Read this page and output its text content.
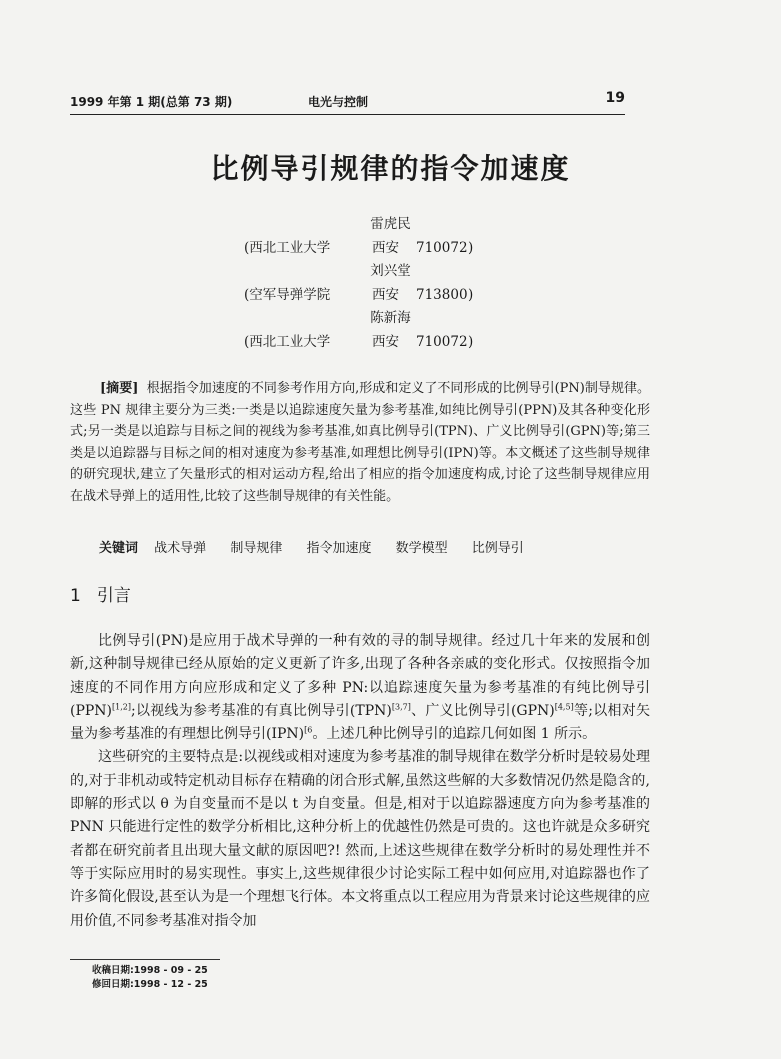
1999 年第 1 期(总第 73 期)	电光与控制	19
比例导引规律的指令加速度
雷虎民
(西北工业大学	西安 710072 )
刘兴堂
(空军导弹学院	西安 713800 )
陈新海
(西北工业大学	西安 710072 )

[摘要] 根据指令加速度的不同参考作用方向,形成和定义了不同形成的比例导引(PN)制导规律。这些 PN 规律主要分为三类:一类是以追踪速度矢量为参考基准,如纯比例导引(PPN)及其各种变化形式;另一类是以追踪与目标之间的视线为参考基准,如真比例导引(TPN)、广义比例导引(GPN)等;第三类是以追踪器与目标之间的相对速度为参考基准,如理想比例导引(IPN)等。本文概述了这些制导规律的研究现状,建立了矢量形式的相对运动方程,给出了相应的指令加速度构成,讨论了这些制导规律应用在战术导弹上的适用性,比较了这些制导规律的有关性能。

关键词 战术导弹 制导规律 指令加速度 数学模型 比例导引
1 引言

比例导引(PN)是应用于战术导弹的一种有效的寻的制导规律。经过几十年来的发展和创新,这种制导规律已经从原始的定义更新了许多,出现了各种各亲戚的变化形式。仅按照指令加速度的不同作用方向应形成和定义了多种 PN:以追踪速度矢量为参考基准的有纯比例导引(PPN)[1,2];以视线为参考基准的有真比例导引(TPN)[3,7]、广义比例导引(GPN)[4,5]等;以相对矢量为参考基准的有理想比例导引(IPN)$^{[6}$。上述几种比例导引的追踪几何如图 1 所示。

这些研究的主要特点是:以视线或相对速度为参考基准的制导规律在数学分析时是较易处理的,对于非机动或特定机动目标存在精确的闭合形式解,虽然这些解的大多数情况仍然是隐含的,即解的形式以 θ 为自变量而不是以 t 为自变量。但是,相对于以追踪器速度方向为参考基准的 PNN 只能进行定性的数学分析相比,这种分析上的优越性仍然是可贵的。这也许就是众多研究者都在研究前者且出现大量文献的原因吧?! 然而,上述这些规律在数学分析时的易处理性并不等于实际应用时的易实现性。事实上,这些规律很少讨论实际工程中如何应用,对追踪器也作了许多简化假设,甚至认为是一个理想飞行体。本文将重点以工程应用为背景来讨论这些规律的应用价值,不同参考基准对指令加

收稿日期:1998 - 09 - 25
修回日期:1998 - 12 - 25
